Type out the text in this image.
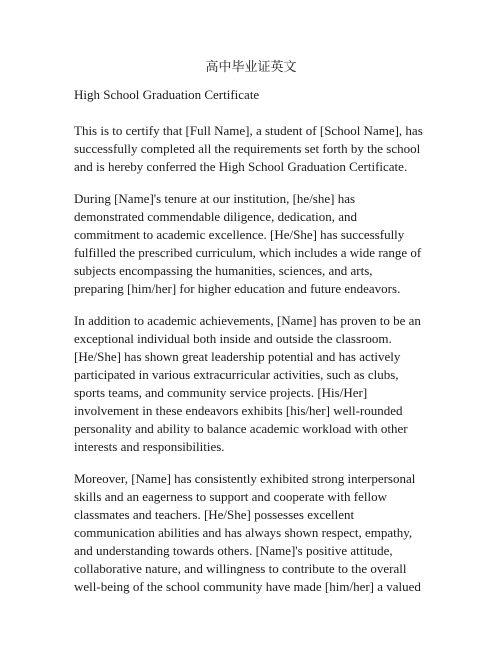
高中毕业证英文
High School Graduation Certificate
This is to certify that [Full Name], a student of [School Name], has
successfully completed all the requirements set forth by the school
and is hereby conferred the High School Graduation Certificate.
During [Name]'s tenure at our institution, [he/she] has
demonstrated commendable diligence, dedication, and
commitment to academic excellence. [He/She] has successfully
fulfilled the prescribed curriculum, which includes a wide range of
subjects encompassing the humanities, sciences, and arts,
preparing [him/her] for higher education and future endeavors.
In addition to academic achievements, [Name] has proven to be an
exceptional individual both inside and outside the classroom.
[He/She] has shown great leadership potential and has actively
participated in various extracurricular activities, such as clubs,
sports teams, and community service projects. [His/Her]
involvement in these endeavors exhibits [his/her] well-rounded
personality and ability to balance academic workload with other
interests and responsibilities.
Moreover, [Name] has consistently exhibited strong interpersonal
skills and an eagerness to support and cooperate with fellow
classmates and teachers. [He/She] possesses excellent
communication abilities and has always shown respect, empathy,
and understanding towards others. [Name]'s positive attitude,
collaborative nature, and willingness to contribute to the overall
well-being of the school community have made [him/her] a valued
